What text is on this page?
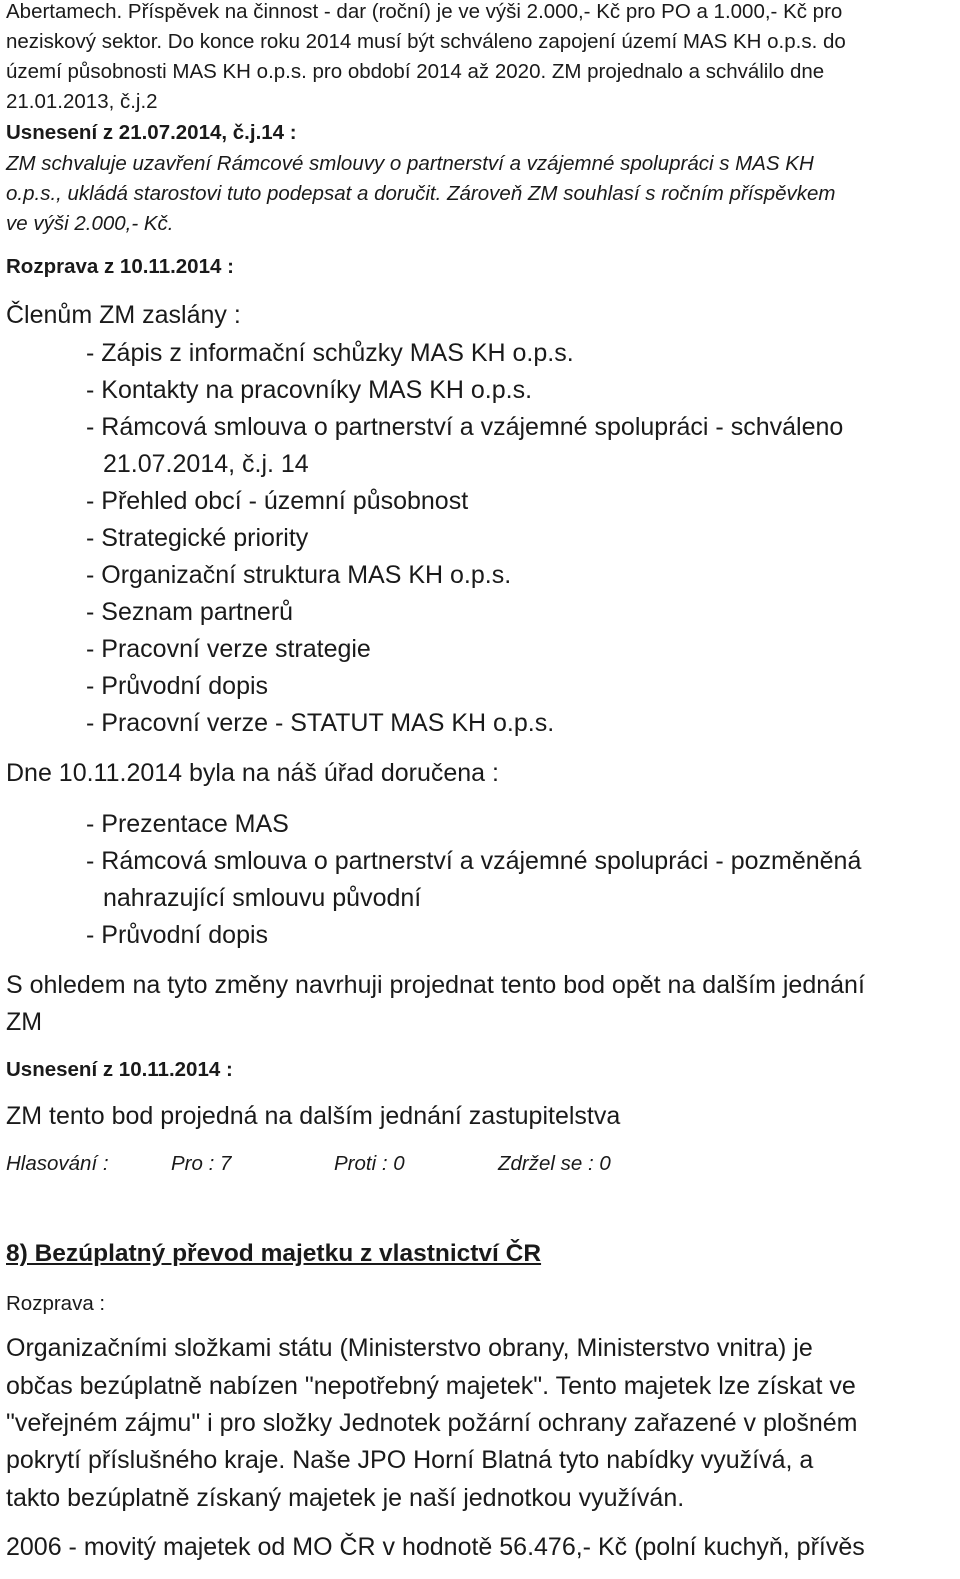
Abertamech. Příspěvek na činnost - dar (roční) je ve výši 2.000,- Kč pro PO a 1.000,- Kč pro
neziskový sektor. Do konce roku 2014 musí být schváleno zapojení území MAS KH o.p.s. do
území působnosti MAS KH o.p.s. pro období 2014 až 2020. ZM projednalo a schválilo dne
21.01.2013, č.j.2
Usnesení z 21.07.2014, č.j.14 :
ZM schvaluje uzavření Rámcové smlouvy o partnerství a vzájemné spolupráci s MAS KH
o.p.s., ukládá starostovi tuto podepsat a doručit. Zároveň ZM souhlasí s ročním příspěvkem
ve výši 2.000,- Kč.
Rozprava z 10.11.2014 :
Členům ZM zaslány :
- Zápis z informační schůzky MAS KH o.p.s.
- Kontakty na pracovníky MAS KH o.p.s.
- Rámcová smlouva o partnerství a vzájemné spolupráci - schváleno
21.07.2014, č.j. 14
- Přehled obcí - územní působnost
- Strategické priority
- Organizační struktura MAS KH o.p.s.
- Seznam partnerů
- Pracovní verze strategie
- Průvodní dopis
- Pracovní verze - STATUT MAS KH o.p.s.
Dne 10.11.2014 byla na náš úřad doručena :
- Prezentace MAS
- Rámcová smlouva o partnerství a vzájemné spolupráci - pozměněná
nahrazující smlouvu původní
- Průvodní dopis
S ohledem na tyto změny navrhuji projednat tento bod opět na dalším jednání
ZM
Usnesení z 10.11.2014 :
ZM tento bod projedná na dalším jednání zastupitelstva
Hlasování :	Pro : 7	Proti : 0	Zdržel se : 0
8) Bezúplatný převod majetku z vlastnictví ČR
Rozprava :
Organizačními složkami státu (Ministerstvo obrany, Ministerstvo vnitra) je
občas bezúplatně nabízen "nepotřebný majetek". Tento majetek lze získat ve
"veřejném zájmu" i pro složky Jednotek požární ochrany zařazené v plošném
pokrytí příslušného kraje. Naše JPO Horní Blatná tyto nabídky využívá, a
takto bezúplatně získaný majetek je naší jednotkou využíván.
2006 - movitý majetek od MO ČR v hodnotě 56.476,- Kč (polní kuchyň, přívěs
